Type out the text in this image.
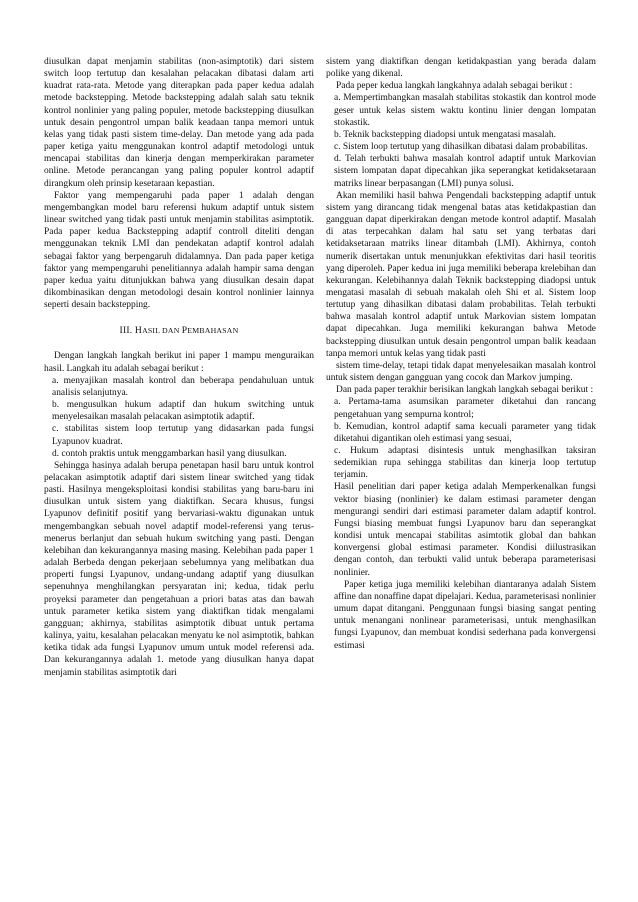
diusulkan dapat menjamin stabilitas (non-asimptotik) dari sistem switch loop tertutup dan kesalahan pelacakan dibatasi dalam arti kuadrat rata-rata. Metode yang diterapkan pada paper kedua adalah metode backstepping. Metode backstepping adalah salah satu teknik kontrol nonlinier yang paling populer, metode backstepping diusulkan untuk desain pengontrol umpan balik keadaan tanpa memori untuk kelas yang tidak pasti sistem time-delay. Dan metode yang ada pada paper ketiga yaitu menggunakan kontrol adaptif metodologi untuk mencapai stabilitas dan kinerja dengan memperkirakan parameter online. Metode perancangan yang paling populer kontrol adaptif dirangkum oleh prinsip kesetaraan kepastian.

Faktor yang mempengaruhi pada paper 1 adalah dengan mengembangkan model baru referensi hukum adaptif untuk sistem linear switched yang tidak pasti untuk menjamin stabilitas asimptotik. Pada paper kedua Backstepping adaptif controll diteliti dengan menggunakan teknik LMI dan pendekatan adaptif kontrol adalah sebagai faktor yang berpengaruh didalamnya. Dan pada paper ketiga faktor yang mempengaruhi penelitiannya adalah hampir sama dengan paper kedua yaitu ditunjukkan bahwa yang diusulkan desain dapat dikombinasikan dengan metodologi desain kontrol nonlinier lainnya seperti desain backstepping.

III. HASIL DAN PEMBAHASAN

Dengan langkah langkah berikut ini paper 1 mampu menguraikan hasil. Langkah itu adalah sebagai berikut :

a. menyajikan masalah kontrol dan beberapa pendahuluan untuk analisis selanjutnya.

b. mengusulkan hukum adaptif dan hukum switching untuk menyelesaikan masalah pelacakan asimptotik adaptif.

c. stabilitas sistem loop tertutup yang didasarkan pada fungsi Lyapunov kuadrat.

d. contoh praktis untuk menggambarkan hasil yang diusulkan.

Sehingga hasinya adalah berupa penetapan hasil baru untuk kontrol pelacakan asimptotik adaptif dari sistem linear switched yang tidak pasti. Hasilnya mengeksploitasi kondisi stabilitas yang baru-baru ini diusulkan untuk sistem yang diaktifkan. Secara khusus, fungsi Lyapunov definitif positif yang bervariasi-waktu digunakan untuk mengembangkan sebuah novel adaptif model-referensi yang terus-menerus berlanjut dan sebuah hukum switching yang pasti. Dengan kelebihan dan kekurangannya masing masing. Kelebihan pada paper 1 adalah Berbeda dengan pekerjaan sebelumnya yang melibatkan dua properti fungsi Lyapunov, undang-undang adaptif yang diusulkan sepenuhnya menghilangkan persyaratan ini; kedua, tidak perlu proyeksi parameter dan pengetahuan a priori batas atas dan bawah untuk parameter ketika sistem yang diaktifkan tidak mengalami gangguan; akhirnya, stabilitas asimptotik dibuat untuk pertama kalinya, yaitu, kesalahan pelacakan menyatu ke nol asimptotik, bahkan ketika tidak ada fungsi Lyapunov umum untuk model referensi ada. Dan kekurangannya adalah 1. metode yang diusulkan hanya dapat menjamin stabilitas asimptotik dari

sistem yang diaktifkan dengan ketidakpastian yang berada dalam polike yang dikenal.

Pada peper kedua langkah langkahnya adalah sebagai berikut :

a. Mempertimbangkan masalah stabilitas stokastik dan kontrol mode geser untuk kelas sistem waktu kontinu linier dengan lompatan stokastik.

b. Teknik backstepping diadopsi untuk mengatasi masalah.

c. Sistem loop tertutup yang dihasilkan dibatasi dalam probabilitas.

d. Telah terbukti bahwa masalah kontrol adaptif untuk Markovian sistem lompatan dapat dipecahkan jika seperangkat ketidaksetaraan matriks linear berpasangan (LMI) punya solusi.

Akan memiliki hasil bahwa Pengendali backstepping adaptif untuk sistem yang dirancang tidak mengenal batas atas ketidakpastian dan gangguan dapat diperkirakan dengan metode kontrol adaptif. Masalah di atas terpecahkan dalam hal satu set yang terbatas dari ketidaksetaraan matriks linear ditambah (LMI). Akhirnya, contoh numerik disertakan untuk menunjukkan efektivitas dari hasil teoritis yang diperoleh. Paper kedua ini juga memiliki beberapa krelebihan dan kekurangan. Kelebihannya dalah Teknik backstepping diadopsi untuk mengatasi masalah di sebuah makalah oleh Shi et al. Sistem loop tertutup yang dihasilkan dibatasi dalam probabilitas. Telah terbukti bahwa masalah kontrol adaptif untuk Markovian sistem lompatan dapat dipecahkan. Juga memiliki kekurangan bahwa Metode backstepping diusulkan untuk desain pengontrol umpan balik keadaan tanpa memori untuk kelas yang tidak pasti

sistem time-delay, tetapi tidak dapat menyelesaikan masalah kontrol untuk sistem dengan gangguan yang cocok dan Markov jumping.

Dan pada paper terakhir berisikan langkah langkah sebagai berikut :

a. Pertama-tama asumsikan parameter diketahui dan rancang pengetahuan yang sempurna kontrol;

b. Kemudian, kontrol adaptif sama kecuali parameter yang tidak diketahui digantikan oleh estimasi yang sesuai,

c. Hukum adaptasi disintesis untuk menghasilkan taksiran sedemikian rupa sehingga stabilitas dan kinerja loop tertutup terjamin.

Hasil penelitian dari paper ketiga adalah Memperkenalkan fungsi vektor biasing (nonlinier) ke dalam estimasi parameter dengan mengurangi sendiri dari estimasi parameter dalam adaptif kontrol. Fungsi biasing membuat fungsi Lyapunov baru dan seperangkat kondisi untuk mencapai stabilitas asimtotik global dan bahkan konvergensi global estimasi parameter. Kondisi diilustrasikan dengan contoh, dan terbukti valid untuk beberapa parameterisasi nonlinier.

Paper ketiga juga memiliki kelebihan diantaranya adalah Sistem affine dan nonaffine dapat dipelajari. Kedua, parameterisasi nonlinier umum dapat ditangani. Penggunaan fungsi biasing sangat penting untuk menangani nonlinear parameterisasi, untuk menghasilkan fungsi Lyapunov, dan membuat kondisi sederhana pada konvergensi estimasi
